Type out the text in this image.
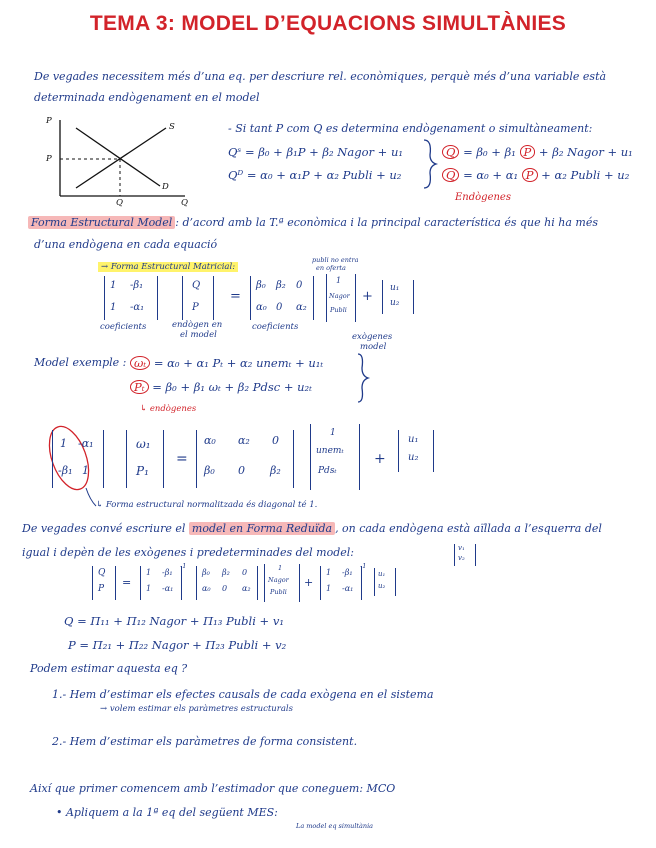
TEMA 3: MODEL D’EQUACIONS SIMULTÀNIES
De vegades necessitem més d’una eq. per descriure rel. econòmiques, perquè més d’una variable està
determinada endògenament en el model
P
Q
P
Q
S
D
- Si tant P com Q es determina endògenament o simultàneament:
Qˢ = β₀ + β₁P + β₂ Nagor + u₁
Qᴰ = α₀ + α₁P + α₂ Publi + u₂
Q = β₀ + β₁ P + β₂ Nagor + u₁
Q = α₀ + α₁ P + α₂ Publi + u₂
Endògenes
Forma Estructural Model : d’acord amb la T.ª econòmica i la principal característica és que hi ha més
d’una endògena en cada equació
→ Forma Estructural Matricial:
publi no entra
en oferta
1 -β₁
1 -α₁
Q
P
=
β₀ β₂ 0
α₀ 0 α₂
1
Nagor
Publi
+
u₁
u₂
coeficients	endògen en
el model
coeficients
exògenes
model
Model exemple : ωₜ = α₀ + α₁ Pₜ + α₂ unemₜ + u₁ₜ
Pₜ = β₀ + β₁ ωₜ + β₂ Pdsc + u₂ₜ
↳ endògenes
1 -α₁
-β₁ 1
ω₁
P₁
=
α₀ α₂ 0
β₀ 0 β₂
1
unemₜ
Pdsₜ
+
u₁
u₂
↳ Forma estructural normalitzada és diagonal té 1.
De vegades convé escriure el model en Forma Reduïda , on cada endògena està aïllada a l’esquerra del
igual i depèn de les exògenes i predeterminades del model:	v₁
v₂
Q
P =
1 -β₁
1 -α₁
-1
β₀ β₂ 0
α₀ 0 α₂
1
Nagor
Publi
+
1 -β₁
1 -α₁
-1
u₁
u₂
Q = Π₁₁ + Π₁₂ Nagor + Π₁₃ Publi + v₁
P = Π₂₁ + Π₂₂ Nagor + Π₂₃ Publi + v₂
Podem estimar aquesta eq ?
1.- Hem d’estimar els efectes causals de cada exògena en el sistema
→ volem estimar els paràmetres estructurals
2.- Hem d’estimar els paràmetres de forma consistent.
Així que primer comencem amb l’estimador que coneguem: MCO
• Apliquem a la 1ª eq del següent MES:
La model eq simultània
